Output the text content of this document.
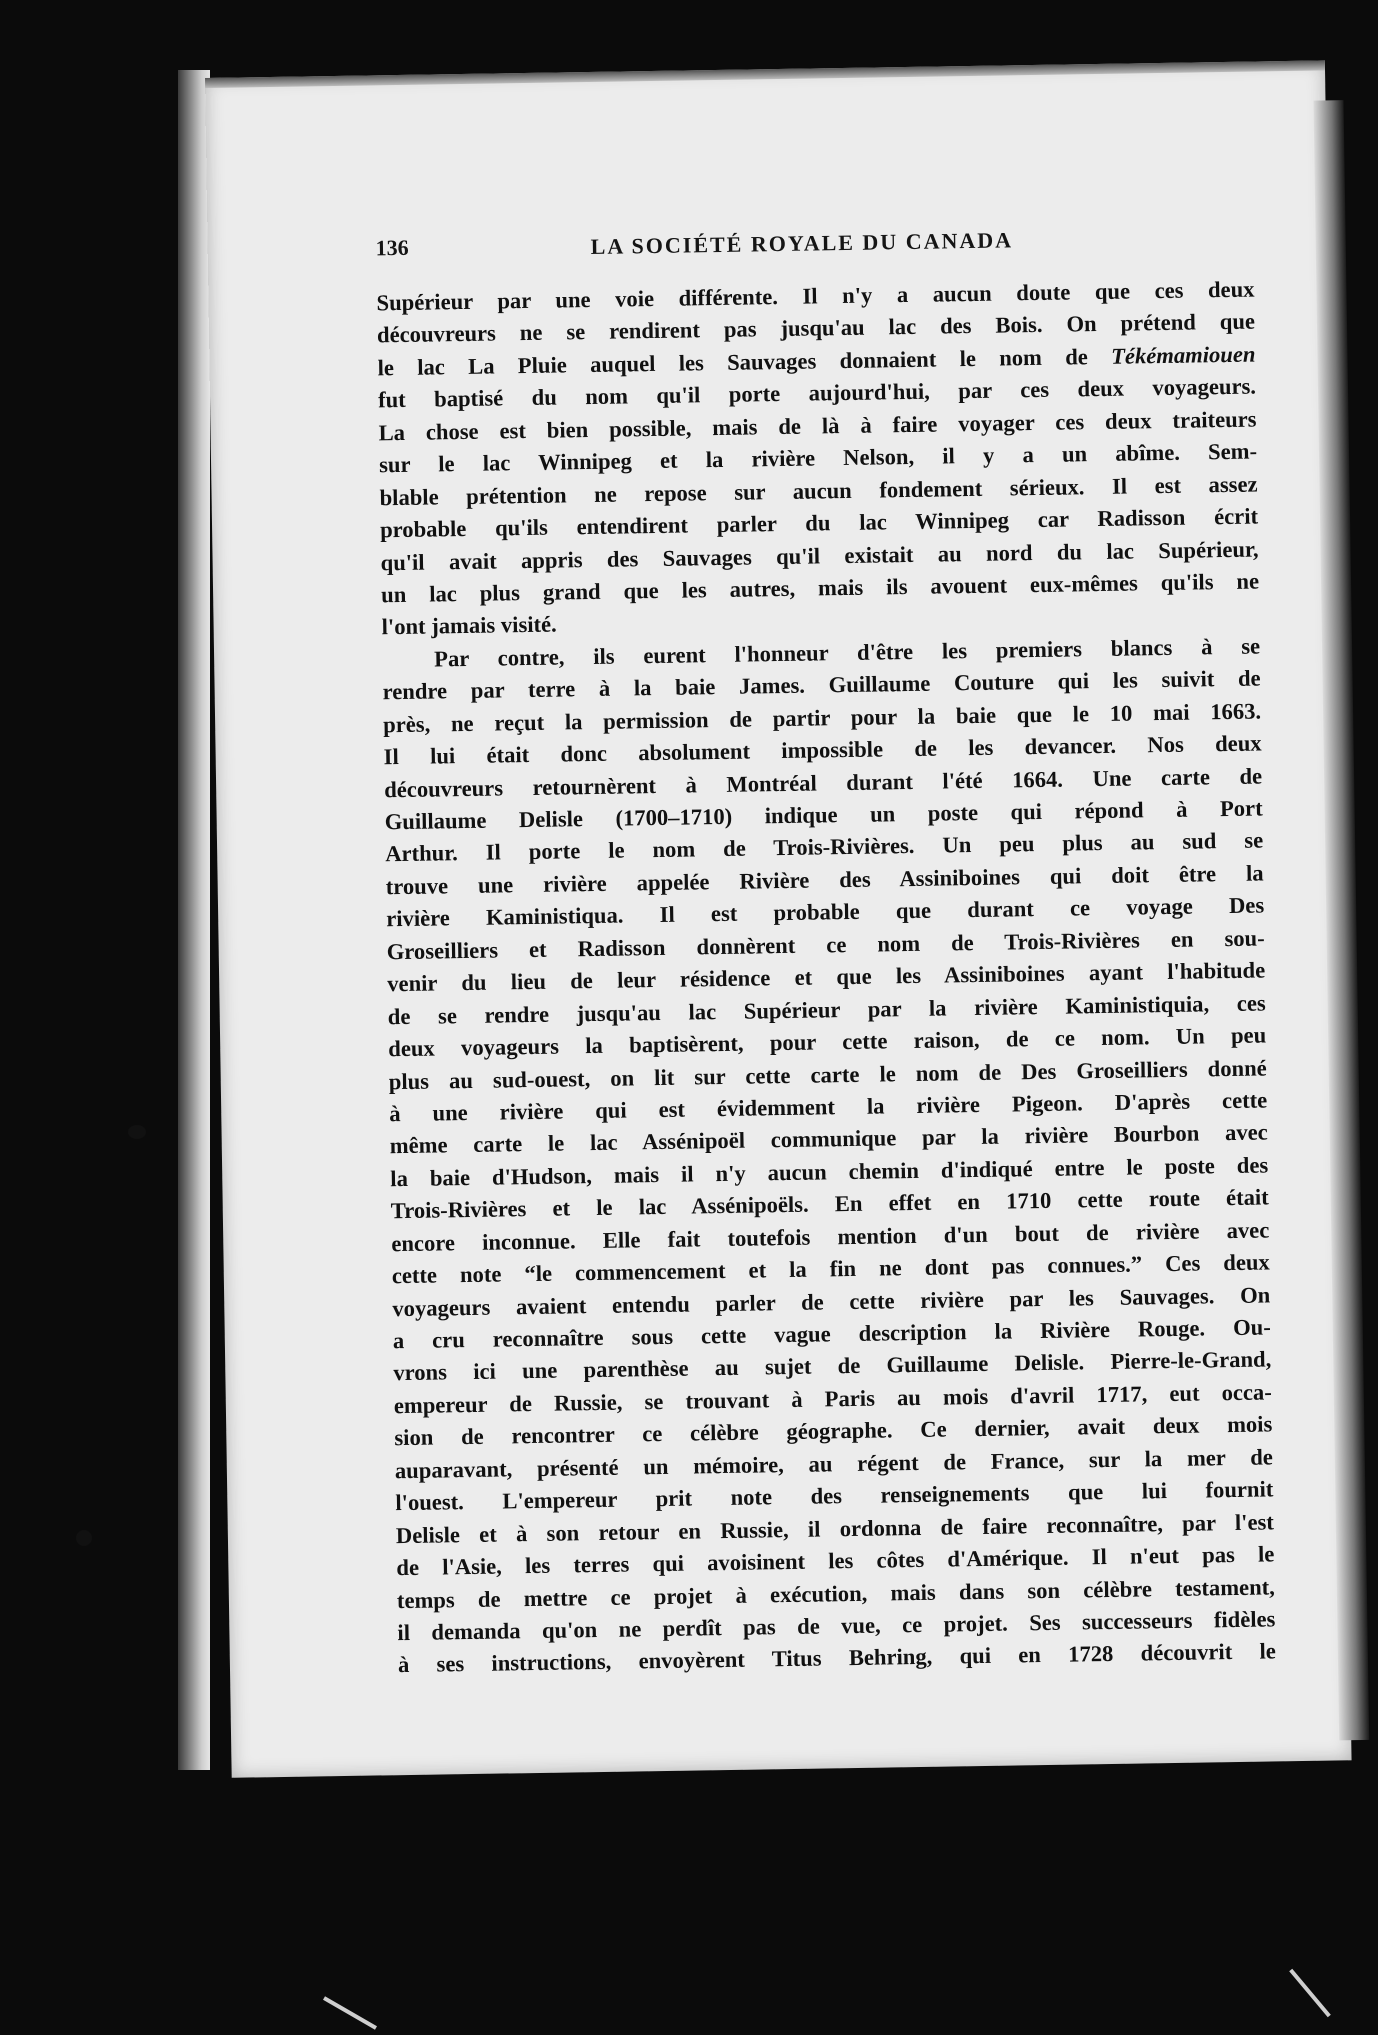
136	LA SOCIÉTÉ ROYALE DU CANADA
Supérieur par une voie différente. Il n'y a aucun doute que ces deux
découvreurs ne se rendirent pas jusqu'au lac des Bois. On prétend que
le lac La Pluie auquel les Sauvages donnaient le nom de Tékémamiouen
fut baptisé du nom qu'il porte aujourd'hui, par ces deux voyageurs.
La chose est bien possible, mais de là à faire voyager ces deux traiteurs
sur le lac Winnipeg et la rivière Nelson, il y a un abîme. Sem-
blable prétention ne repose sur aucun fondement sérieux. Il est assez
probable qu'ils entendirent parler du lac Winnipeg car Radisson écrit
qu'il avait appris des Sauvages qu'il existait au nord du lac Supérieur,
un lac plus grand que les autres, mais ils avouent eux-mêmes qu'ils ne
l'ont jamais visité.
Par contre, ils eurent l'honneur d'être les premiers blancs à se
rendre par terre à la baie James. Guillaume Couture qui les suivit de
près, ne reçut la permission de partir pour la baie que le 10 mai 1663.
Il lui était donc absolument impossible de les devancer. Nos deux
découvreurs retournèrent à Montréal durant l'été 1664. Une carte de
Guillaume Delisle (1700–1710) indique un poste qui répond à Port
Arthur. Il porte le nom de Trois-Rivières. Un peu plus au sud se
trouve une rivière appelée Rivière des Assiniboines qui doit être la
rivière Kaministiqua. Il est probable que durant ce voyage Des
Groseilliers et Radisson donnèrent ce nom de Trois-Rivières en sou-
venir du lieu de leur résidence et que les Assiniboines ayant l'habitude
de se rendre jusqu'au lac Supérieur par la rivière Kaministiquia, ces
deux voyageurs la baptisèrent, pour cette raison, de ce nom. Un peu
plus au sud-ouest, on lit sur cette carte le nom de Des Groseilliers donné
à une rivière qui est évidemment la rivière Pigeon. D'après cette
même carte le lac Assénipoël communique par la rivière Bourbon avec
la baie d'Hudson, mais il n'y aucun chemin d'indiqué entre le poste des
Trois-Rivières et le lac Assénipoëls. En effet en 1710 cette route était
encore inconnue. Elle fait toutefois mention d'un bout de rivière avec
cette note “le commencement et la fin ne dont pas connues.” Ces deux
voyageurs avaient entendu parler de cette rivière par les Sauvages. On
a cru reconnaître sous cette vague description la Rivière Rouge. Ou-
vrons ici une parenthèse au sujet de Guillaume Delisle. Pierre-le-Grand,
empereur de Russie, se trouvant à Paris au mois d'avril 1717, eut occa-
sion de rencontrer ce célèbre géographe. Ce dernier, avait deux mois
auparavant, présenté un mémoire, au régent de France, sur la mer de
l'ouest. L'empereur prit note des renseignements que lui fournit
Delisle et à son retour en Russie, il ordonna de faire reconnaître, par l'est
de l'Asie, les terres qui avoisinent les côtes d'Amérique. Il n'eut pas le
temps de mettre ce projet à exécution, mais dans son célèbre testament,
il demanda qu'on ne perdît pas de vue, ce projet. Ses successeurs fidèles
à ses instructions, envoyèrent Titus Behring, qui en 1728 découvrit le
